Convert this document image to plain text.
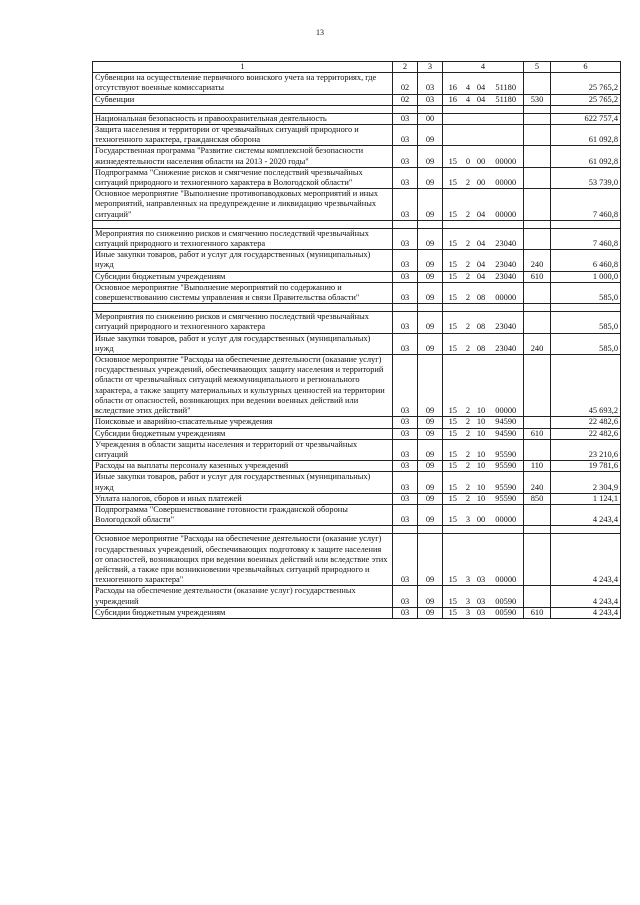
13
1	2	3	4				5	6
Субвенции на осуществление первичного воинского учета на территориях, где отсутствуют военные комиссариаты	02	03	16	4	04	51180		25 765,2
Субвенции	02	03	16	4	04	51180	530	25 765,2

Национальная безопасность и правоохранительная деятельность	03	00						622 757,4
Защита населения и территории от чрезвычайных ситуаций природного и техногенного характера, гражданская оборона	03	09						61 092,8
Государственная программа "Развитие системы комплексной безопасности жизнедеятельности населения области на 2013 - 2020 годы"	03	09	15	0	00	00000		61 092,8
Подпрограмма "Снижение рисков и смягчение последствий чрезвычайных ситуаций природного и техногенного характера в Вологодской области"	03	09	15	2	00	00000		53 739,0
Основное мероприятие "Выполнение противопаводковых мероприятий и иных мероприятий, направленных на предупреждение и ликвидацию чрезвычайных ситуаций"	03	09	15	2	04	00000		7 460,8

Мероприятия по снижению рисков и смягчению последствий чрезвычайных ситуаций природного и техногенного характера	03	09	15	2	04	23040		7 460,8
Иные закупки товаров, работ и услуг для государственных (муниципальных) нужд	03	09	15	2	04	23040	240	6 460,8
Субсидии бюджетным учреждениям	03	09	15	2	04	23040	610	1 000,0
Основное мероприятие "Выполнение мероприятий по содержанию и совершенствованию системы управления и связи Правительства области"	03	09	15	2	08	00000		585,0

Мероприятия по снижению рисков и смягчению последствий чрезвычайных ситуаций природного и техногенного характера	03	09	15	2	08	23040		585,0
Иные закупки товаров, работ и услуг для государственных (муниципальных) нужд	03	09	15	2	08	23040	240	585,0
Основное мероприятие "Расходы на обеспечение деятельности (оказание услуг) государственных учреждений, обеспечивающих защиту населения и территорий области от чрезвычайных ситуаций межмуниципального и регионального характера, а также защиту материальных и культурных ценностей на территории области от опасностей, возникающих при ведении военных действий или вследствие этих действий"	03	09	15	2	10	00000		45 693,2
Поисковые и аварийно-спасательные учреждения	03	09	15	2	10	94590		22 482,6
Субсидии бюджетным учреждениям	03	09	15	2	10	94590	610	22 482,6
Учреждения в области защиты населения и территорий от чрезвычайных ситуаций	03	09	15	2	10	95590		23 210,6
Расходы на выплаты персоналу казенных учреждений	03	09	15	2	10	95590	110	19 781,6
Иные закупки товаров, работ и услуг для государственных (муниципальных) нужд	03	09	15	2	10	95590	240	2 304,9
Уплата налогов, сборов и иных платежей	03	09	15	2	10	95590	850	1 124,1
Подпрограмма "Совершенствование готовности гражданской обороны Вологодской области"	03	09	15	3	00	00000		4 243,4

Основное мероприятие "Расходы на обеспечение деятельности (оказание услуг) государственных учреждений, обеспечивающих подготовку к защите населения от опасностей, возникающих при ведении военных действий или вследствие этих действий, а также при возникновении чрезвычайных ситуаций природного и техногенного характера"	03	09	15	3	03	00000		4 243,4
Расходы на обеспечение деятельности (оказание услуг) государственных учреждений	03	09	15	3	03	00590		4 243,4
Субсидии бюджетным учреждениям	03	09	15	3	03	00590	610	4 243,4
